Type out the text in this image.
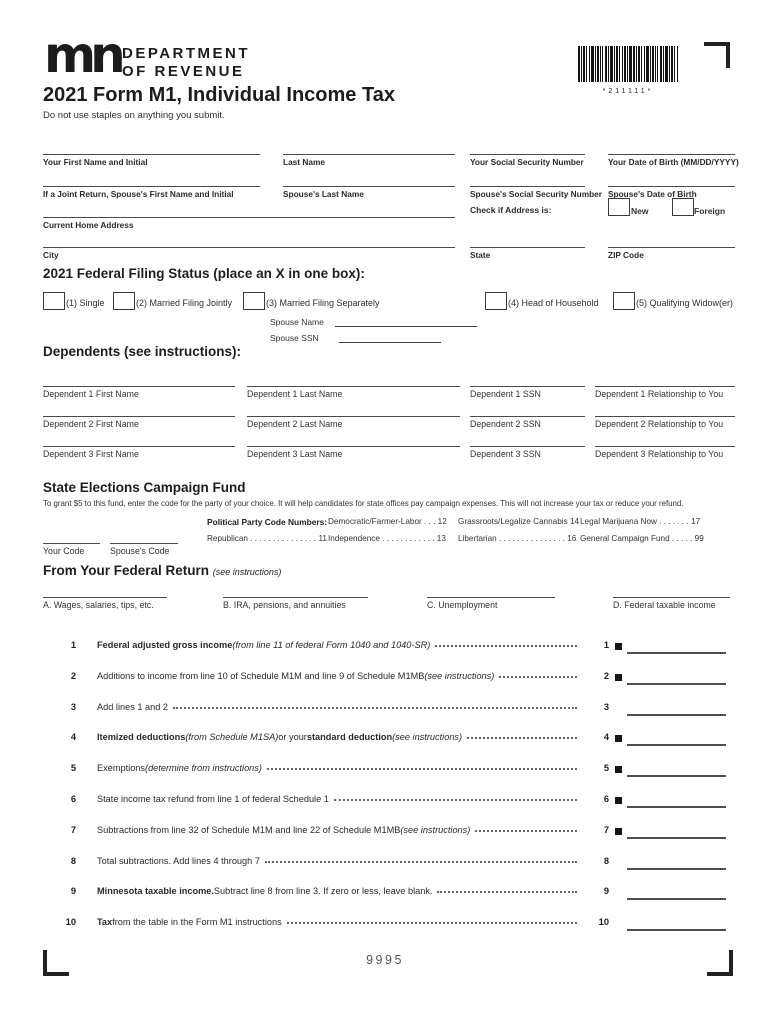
mn DEPARTMENT
OF REVENUE
2021 Form M1, Individual Income Tax
Do not use staples on anything you submit.
*211111*
Your First Name and Initial	Last Name	Your Social Security Number	Your Date of Birth (MM/DD/YYYY)
If a Joint Return, Spouse's First Name and Initial	Spouse's Last Name	Spouse's Social Security Number Spouse's Date of Birth
Current Home Address
Check if Address is:	New	Foreign
City	State	ZIP Code
2021 Federal Filing Status (place an X in one box):
(1) Single	(2) Married Filing Jointly	(3) Married Filing Separately	(4) Head of Household	(5) Qualifying Widow(er)
Spouse Name
Spouse SSN
Dependents (see instructions):
Dependent 1 First Name	Dependent 1 Last Name	Dependent 1 SSN	Dependent 1 Relationship to You
Dependent 2 First Name	Dependent 2 Last Name	Dependent 2 SSN	Dependent 2 Relationship to You
Dependent 3 First Name	Dependent 3 Last Name	Dependent 3 SSN	Dependent 3 Relationship to You
State Elections Campaign Fund
To grant $5 to this fund, enter the code for the party of your choice. It will help candidates for state offices pay campaign expenses. This will not increase your tax or reduce your refund.
Political Party Code Numbers: Democratic/Farmer-Labor . . . 12 Grassroots/Legalize Cannabis 14 Legal Marijuana Now . . . . . . . 17
Republican . . . . . . . . . . . . . . . 11 Independence . . . . . . . . . . . . 13 Libertarian . . . . . . . . . . . . . . . 16 General Campaign Fund . . . . . 99
Your Code	Spouse's Code
From Your Federal Return (see instructions)
A. Wages, salaries, tips, etc.	B. IRA, pensions, and annuities	C. Unemployment	D. Federal taxable income
1 Federal adjusted gross income (from line 11 of federal Form 1040 and 1040-SR)	1
2 Additions to income from line 10 of Schedule M1M and line 9 of Schedule M1MB (see instructions)	2
3 Add lines 1 and 2	3
4 Itemized deductions (from Schedule M1SA) or your standard deduction (see instructions)	4
5 Exemptions (determine from instructions)	5
6 State income tax refund from line 1 of federal Schedule 1	6
7 Subtractions from line 32 of Schedule M1M and line 22 of Schedule M1MB (see instructions)	7
8 Total subtractions. Add lines 4 through 7	8
9 Minnesota taxable income. Subtract line 8 from line 3. If zero or less, leave blank.	9
10 Tax from the table in the Form M1 instructions	10
9995
